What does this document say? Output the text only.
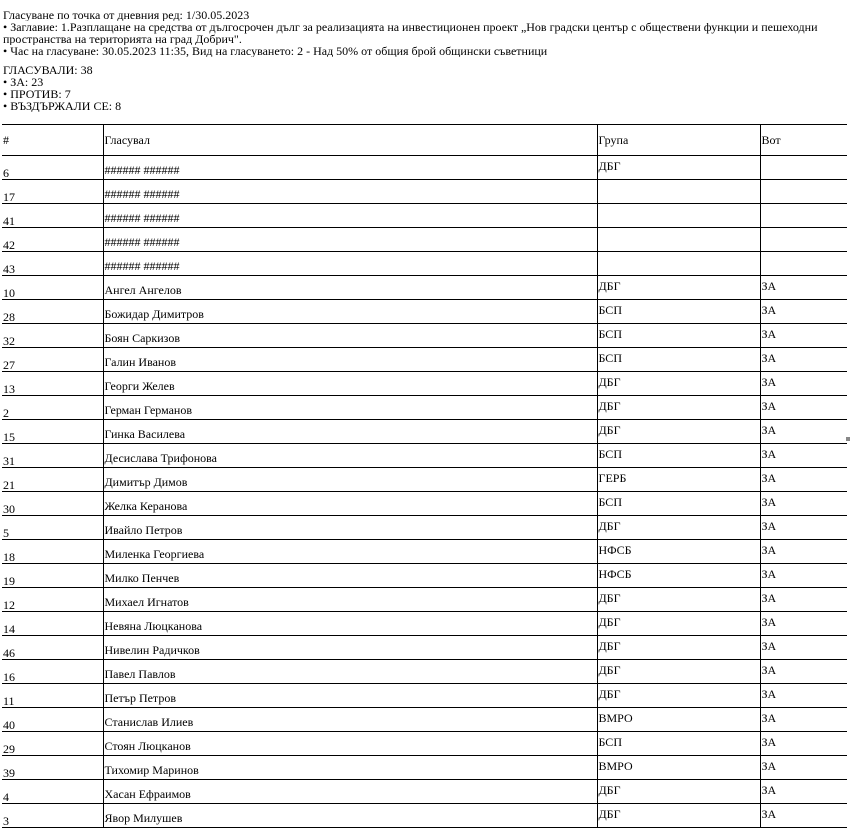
Гласуване по точка от дневния ред: 1/30.05.2023
• Заглавие: 1.Разплащане на средства от дългосрочен дълг за реализацията на инвестиционен проект „Нов градски център с обществени функции и пешеходни пространства на територията на град Добрич".
• Час на гласуване: 30.05.2023 11:35, Вид на гласуването: 2 - Над 50% от общия брой общински съветници
ГЛАСУВАЛИ: 38
• ЗА: 23
• ПРОТИВ: 7
• ВЪЗДЪРЖАЛИ СЕ: 8
#	Гласувал	Група	Вот
6	###### ######	ДБГ	
17	###### ######		
41	###### ######		
42	###### ######		
43	###### ######		
10	Ангел Ангелов	ДБГ	ЗА
28	Божидар Димитров	БСП	ЗА
32	Боян Саркизов	БСП	ЗА
27	Галин Иванов	БСП	ЗА
13	Георги Желев	ДБГ	ЗА
2	Герман Германов	ДБГ	ЗА
15	Гинка Василева	ДБГ	ЗА
31	Десислава Трифонова	БСП	ЗА
21	Димитър Димов	ГЕРБ	ЗА
30	Желка Керанова	БСП	ЗА
5	Ивайло Петров	ДБГ	ЗА
18	Миленка Георгиева	НФСБ	ЗА
19	Милко Пенчев	НФСБ	ЗА
12	Михаел Игнатов	ДБГ	ЗА
14	Невяна Люцканова	ДБГ	ЗА
46	Нивелин Радичков	ДБГ	ЗА
16	Павел Павлов	ДБГ	ЗА
11	Петър Петров	ДБГ	ЗА
40	Станислав Илиев	ВМРО	ЗА
29	Стоян Люцканов	БСП	ЗА
39	Тихомир Маринов	ВМРО	ЗА
4	Хасан Ефраимов	ДБГ	ЗА
3	Явор Милушев	ДБГ	ЗА
